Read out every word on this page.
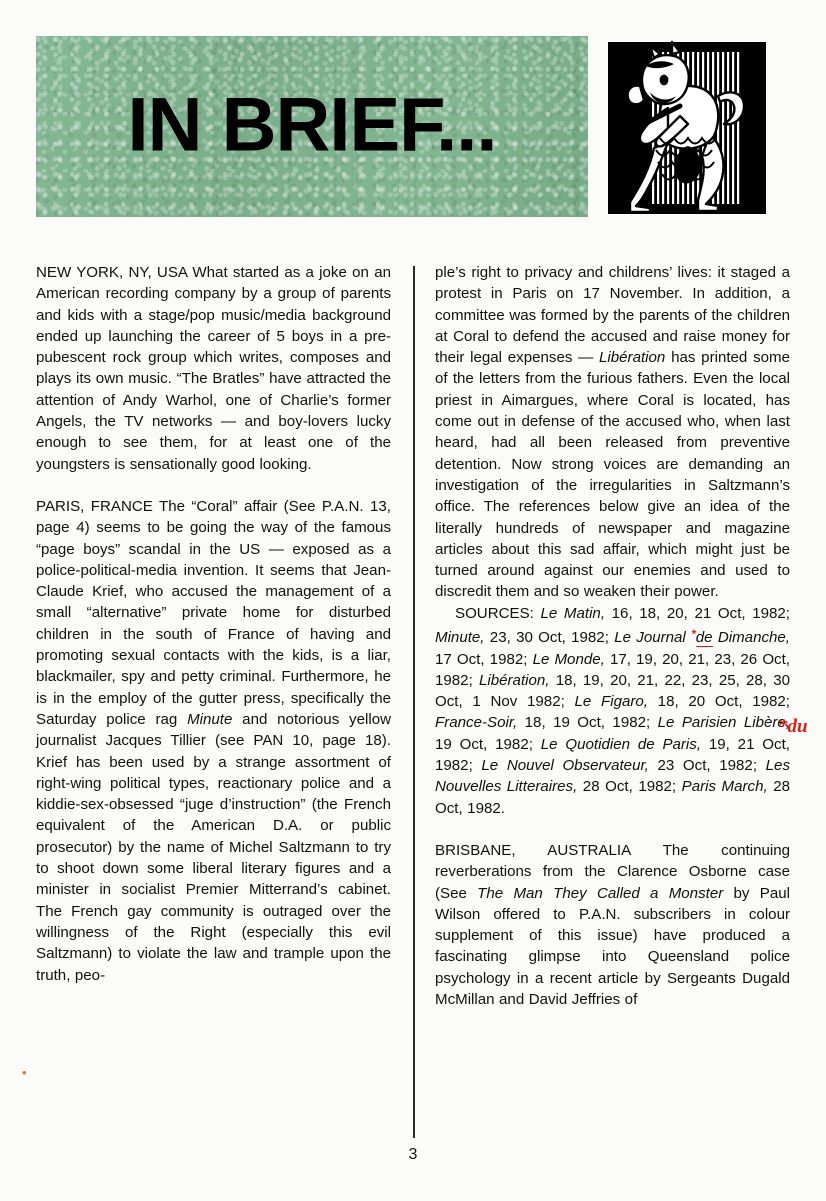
IN BRIEF...

NEW YORK, NY, USA What started as a joke on an American recording company by a group of parents and kids with a stage/pop music/media background ended up launching the career of 5 boys in a pre-pubescent rock group which writes, composes and plays its own music. “The Bratles” have attracted the attention of Andy Warhol, one of Charlie’s former Angels, the TV networks — and boy-lovers lucky enough to see them, for at least one of the youngsters is sensationally good looking.

PARIS, FRANCE The “Coral” affair (See P.A.N. 13, page 4) seems to be going the way of the famous “page boys” scandal in the US — exposed as a police-political-media invention. It seems that Jean-Claude Krief, who accused the management of a small “alternative” private home for disturbed children in the south of France of having and promoting sexual contacts with the kids, is a liar, blackmailer, spy and petty criminal. Furthermore, he is in the employ of the gutter press, specifically the Saturday police rag Minute and notorious yellow journalist Jacques Tillier (see PAN 10, page 18). Krief has been used by a strange assortment of right-wing political types, reactionary police and a kiddie-sex-obsessed “juge d’instruction” (the French equivalent of the American D.A. or public prosecutor) by the name of Michel Saltzmann to try to shoot down some liberal literary figures and a minister in socialist Premier Mitterrand’s cabinet. The French gay community is outraged over the willingness of the Right (especially this evil Saltzmann) to violate the law and trample upon the truth, peo-

ple’s right to privacy and childrens’ lives: it staged a protest in Paris on 17 November. In addition, a committee was formed by the parents of the children at Coral to defend the accused and raise money for their legal expenses — Libération has printed some of the letters from the furious fathers. Even the local priest in Aimargues, where Coral is located, has come out in defense of the accused who, when last heard, had all been released from preventive detention. Now strong voices are demanding an investigation of the irregularities in Saltzmann’s office. The references below give an idea of the literally hundreds of newspaper and magazine articles about this sad affair, which might just be turned around against our enemies and used to discredit them and so weaken their power.

SOURCES: Le Matin, 16, 18, 20, 21 Oct, 1982; Minute, 23, 30 Oct, 1982; Le Journal *de Dimanche, 17 Oct, 1982; Le Monde, 17, 19, 20, 21, 23, 26 Oct, 1982; Libération, 18, 19, 20, 21, 22, 23, 25, 28, 30 Oct, 1 Nov 1982; Le Figaro, 18, 20 Oct, 1982; France-Soir, 18, 19 Oct, 1982; Le Parisien Libère, 19 Oct, 1982; Le Quotidien de Paris, 19, 21 Oct, 1982; Le Nouvel Observateur, 23 Oct, 1982; Les Nouvelles Litteraires, 28 Oct, 1982; Paris March, 28 Oct, 1982.

BRISBANE, AUSTRALIA The continuing reverberations from the Clarence Osborne case (See The Man They Called a Monster by Paul Wilson offered to P.A.N. subscribers in colour supplement of this issue) have produced a fascinating glimpse into Queensland police psychology in a recent article by Sergeants Dugald McMillan and David Jeffries of

*du
•
3
